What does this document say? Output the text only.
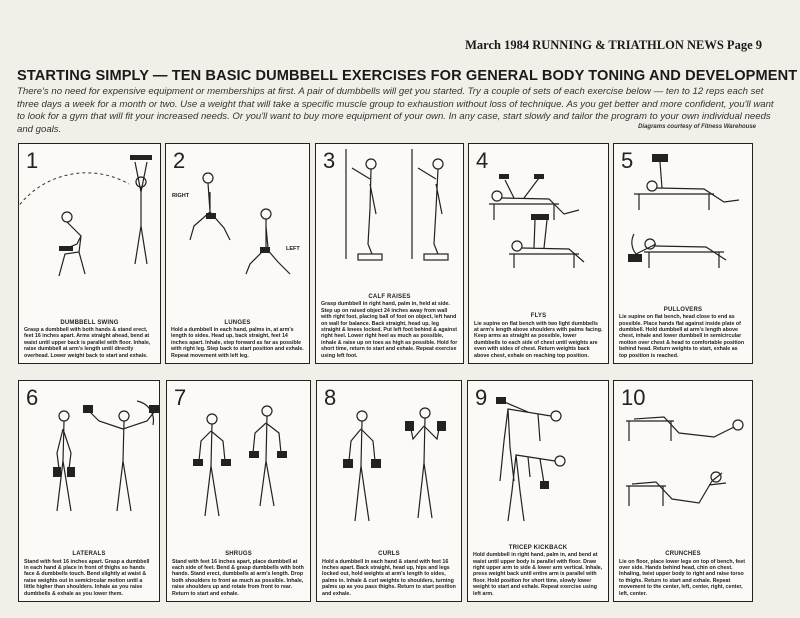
March 1984 RUNNING & TRIATHLON NEWS Page 9
STARTING SIMPLY — TEN BASIC DUMBBELL EXERCISES FOR GENERAL BODY TONING AND DEVELOPMENT
There's no need for expensive equipment or memberships at first. A pair of dumbbells will get you started. Try a couple of sets of each exercise below — ten to 12 reps each set three days a week for a month or two. Use a weight that will take a specific muscle group to exhaustion without loss of technique. As you get better and more confident, you'll want to look for a gym that will fit your increased needs. Or you'll want to buy more equipment of your own. In any case, start slowly and tailor the program to your own individual needs and goals.	Diagrams courtesy of Fitness Warehouse
1
DUMBBELL SWING
Grasp a dumbbell with both hands & stand erect, feet 16 inches apart. Arms straight ahead, bend at waist until upper back is parallel with floor. Inhale, raise dumbbell at arm's length until directly overhead. Lower weight back to start and exhale.
2
RIGHT
LEFT
LUNGES
Hold a dumbbell in each hand, palms in, at arm's length to sides. Head up, back straight, feet 14 inches apart. Inhale, step forward as far as possible with right leg. Step back to start position and exhale. Repeat movement with left leg.
3
CALF RAISES
Grasp dumbbell in right hand, palm in, held at side. Step up on raised object 24 inches away from wall with right foot, placing ball of foot on object, left hand on wall for balance. Back straight, head up, leg straight & knees locked. Put left foot behind & against right heel. Lower right heel as much as possible, inhale & raise up on toes as high as possible. Hold for short time, return to start and exhale. Repeat exercise using left foot.
4
FLYS
Lie supine on flat bench with two light dumbbells at arm's length above shoulders with palms facing. Keep arms as straight as possible, lower dumbbells to each side of chest until weights are even with sides of chest. Return weights back above chest, exhale on reaching top position.
5
PULLOVERS
Lie supine on flat bench, head close to end as possible. Place hands flat against inside plate of dumbbell. Hold dumbbell at arm's length above chest, inhale and lower dumbbell in semicircular motion over chest & head to comfortable position behind head. Return weights to start, exhale as top position is reached.
6
LATERALS
Stand with feet 16 inches apart. Grasp a dumbbell in each hand & place in front of thighs so hands face & dumbbells touch. Bend slightly at waist & raise weights out in semicircular motion until a little higher than shoulders. Inhale as you raise dumbbells & exhale as you lower them.
7
SHRUGS
Stand with feet 16 inches apart, place dumbbell at each side of feet. Bend & grasp dumbbells with both hands. Stand erect, dumbbells at arm's length. Drop both shoulders to front as much as possible. Inhale, raise shoulders up and rotate from front to rear. Return to start and exhale.
8
CURLS
Hold a dumbbell in each hand & stand with feet 16 inches apart. Back straight, head up, hips and legs locked out, hold weights at arm's length to sides, palms in. Inhale & curl weights to shoulders, turning palms up as you pass thighs. Return to start position and exhale.
9
TRICEP KICKBACK
Hold dumbbell in right hand, palm in, and bend at waist until upper body is parallel with floor. Draw right upper arm to side & lower arm vertical. Inhale, press weight back until entire arm is parallel with floor. Hold position for short time, slowly lower weight to start and exhale. Repeat exercise using left arm.
10
CRUNCHES
Lie on floor, place lower legs on top of bench, feet over side. Hands behind head, chin on chest. Inhaling, twist upper body to right and raise torso to thighs. Return to start and exhale. Repeat movement to the center, left, center, right, center, left, center.
